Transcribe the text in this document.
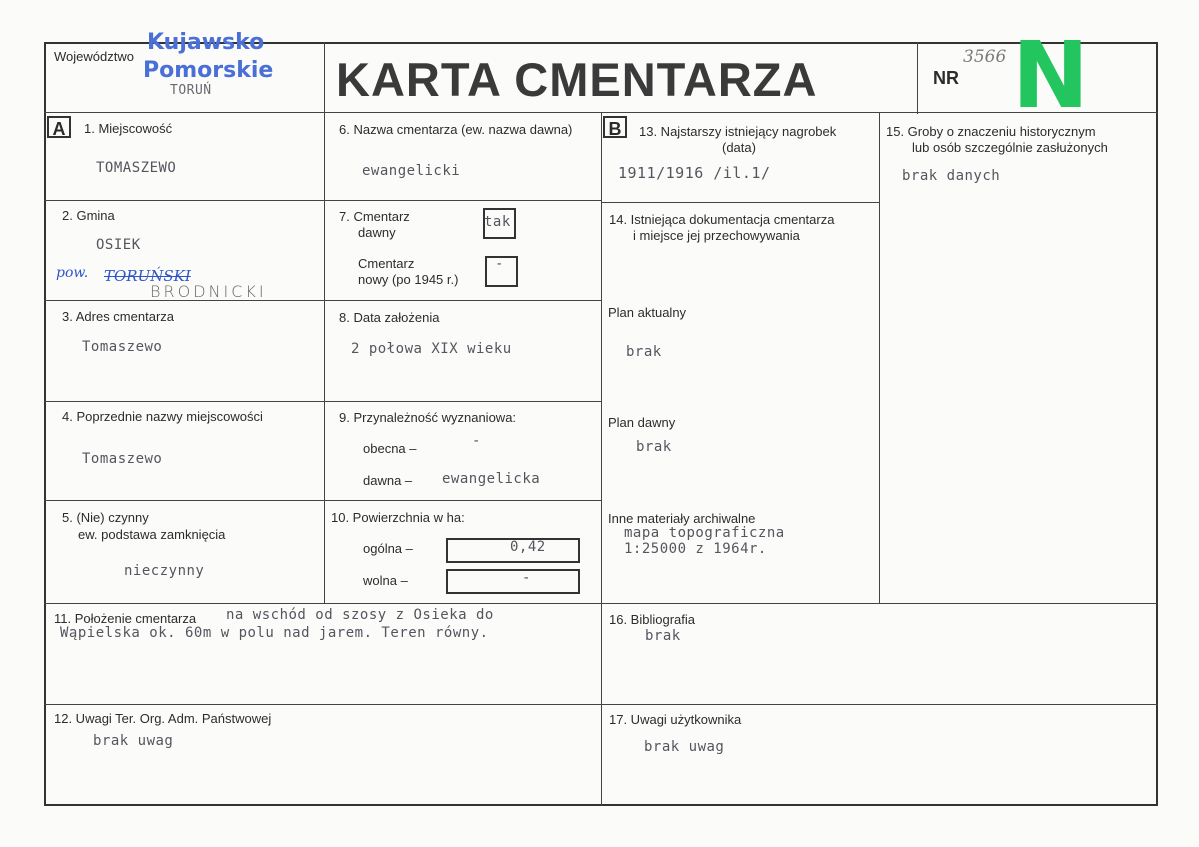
Województwo
Kujawsko
Pomorskie
TORUŃ	KARTA CMENTARZA	NR
3566 N
A	B
1. Miejscowość
TOMASZEWO
2. Gmina
OSIEK
pow. TORUŃSKI
BRODNICKI
3. Adres cmentarza
Tomaszewo
4. Poprzednie nazwy miejscowości
Tomaszewo
5. (Nie) czynny
ew. podstawa zamknięcia
nieczynny
6. Nazwa cmentarza (ew. nazwa dawna)
ewangelicki
7. Cmentarz
dawny
tak
Cmentarz
nowy (po 1945 r.)
-
8. Data założenia
2 połowa XIX wieku
9. Przynależność wyznaniowa:
obecna –	-
dawna – ewangelicka
10. Powierzchnia w ha:
ogólna –	0,42
wolna –	-
11. Położenie cmentarza na wschód od szosy z Osieka do
Wąpielska ok. 60m w polu nad jarem. Teren równy.
12. Uwagi Ter. Org. Adm. Państwowej
brak uwag
13. Najstarszy istniejący nagrobek
(data)
1911/1916 /il.1/
14. Istniejąca dokumentacja cmentarza
i miejsce jej przechowywania
Plan aktualny
brak
Plan dawny
brak
Inne materiały archiwalne
mapa topograficzna
1:25000 z 1964r.
15. Groby o znaczeniu historycznym
lub osób szczególnie zasłużonych
brak danych
16. Bibliografia
brak
17. Uwagi użytkownika
brak uwag
